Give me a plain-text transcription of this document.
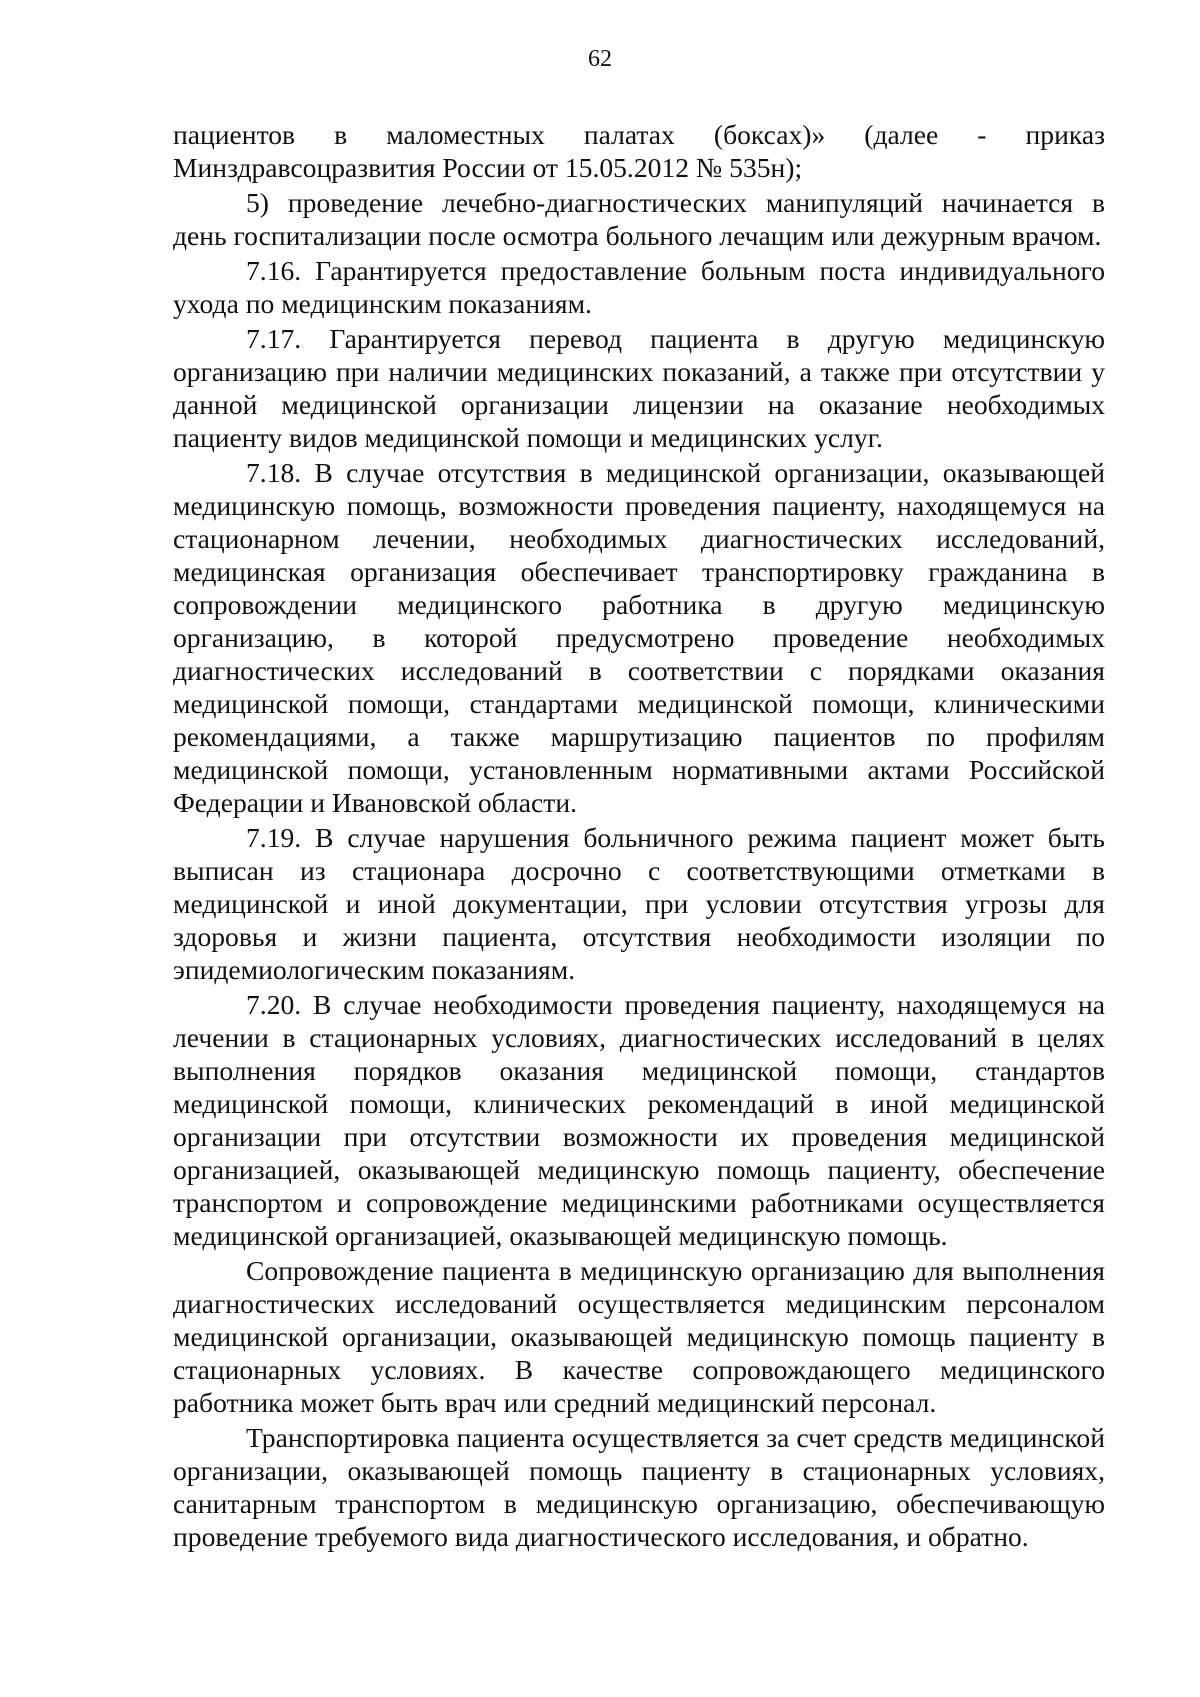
62

пациентов в маломестных палатах (боксах)» (далее - приказ Минздравсоцразвития России от 15.05.2012 № 535н);

5) проведение лечебно-диагностических манипуляций начинается в день госпитализации после осмотра больного лечащим или дежурным врачом.

7.16. Гарантируется предоставление больным поста индивидуального ухода по медицинским показаниям.

7.17. Гарантируется перевод пациента в другую медицинскую организацию при наличии медицинских показаний, а также при отсутствии у данной медицинской организации лицензии на оказание необходимых пациенту видов медицинской помощи и медицинских услуг.

7.18. В случае отсутствия в медицинской организации, оказывающей медицинскую помощь, возможности проведения пациенту, находящемуся на стационарном лечении, необходимых диагностических исследований, медицинская организация обеспечивает транспортировку гражданина в сопровождении медицинского работника в другую медицинскую организацию, в которой предусмотрено проведение необходимых диагностических исследований в соответствии с порядками оказания медицинской помощи, стандартами медицинской помощи, клиническими рекомендациями, а также маршрутизацию пациентов по профилям медицинской помощи, установленным нормативными актами Российской Федерации и Ивановской области.

7.19. В случае нарушения больничного режима пациент может быть выписан из стационара досрочно с соответствующими отметками в медицинской и иной документации, при условии отсутствия угрозы для здоровья и жизни пациента, отсутствия необходимости изоляции по эпидемиологическим показаниям.

7.20. В случае необходимости проведения пациенту, находящемуся на лечении в стационарных условиях, диагностических исследований в целях выполнения порядков оказания медицинской помощи, стандартов медицинской помощи, клинических рекомендаций в иной медицинской организации при отсутствии возможности их проведения медицинской организацией, оказывающей медицинскую помощь пациенту, обеспечение транспортом и сопровождение медицинскими работниками осуществляется медицинской организацией, оказывающей медицинскую помощь.

Сопровождение пациента в медицинскую организацию для выполнения диагностических исследований осуществляется медицинским персоналом медицинской организации, оказывающей медицинскую помощь пациенту в стационарных условиях. В качестве сопровождающего медицинского работника может быть врач или средний медицинский персонал.

Транспортировка пациента осуществляется за счет средств медицинской организации, оказывающей помощь пациенту в стационарных условиях, санитарным транспортом в медицинскую организацию, обеспечивающую проведение требуемого вида диагностического исследования, и обратно.
